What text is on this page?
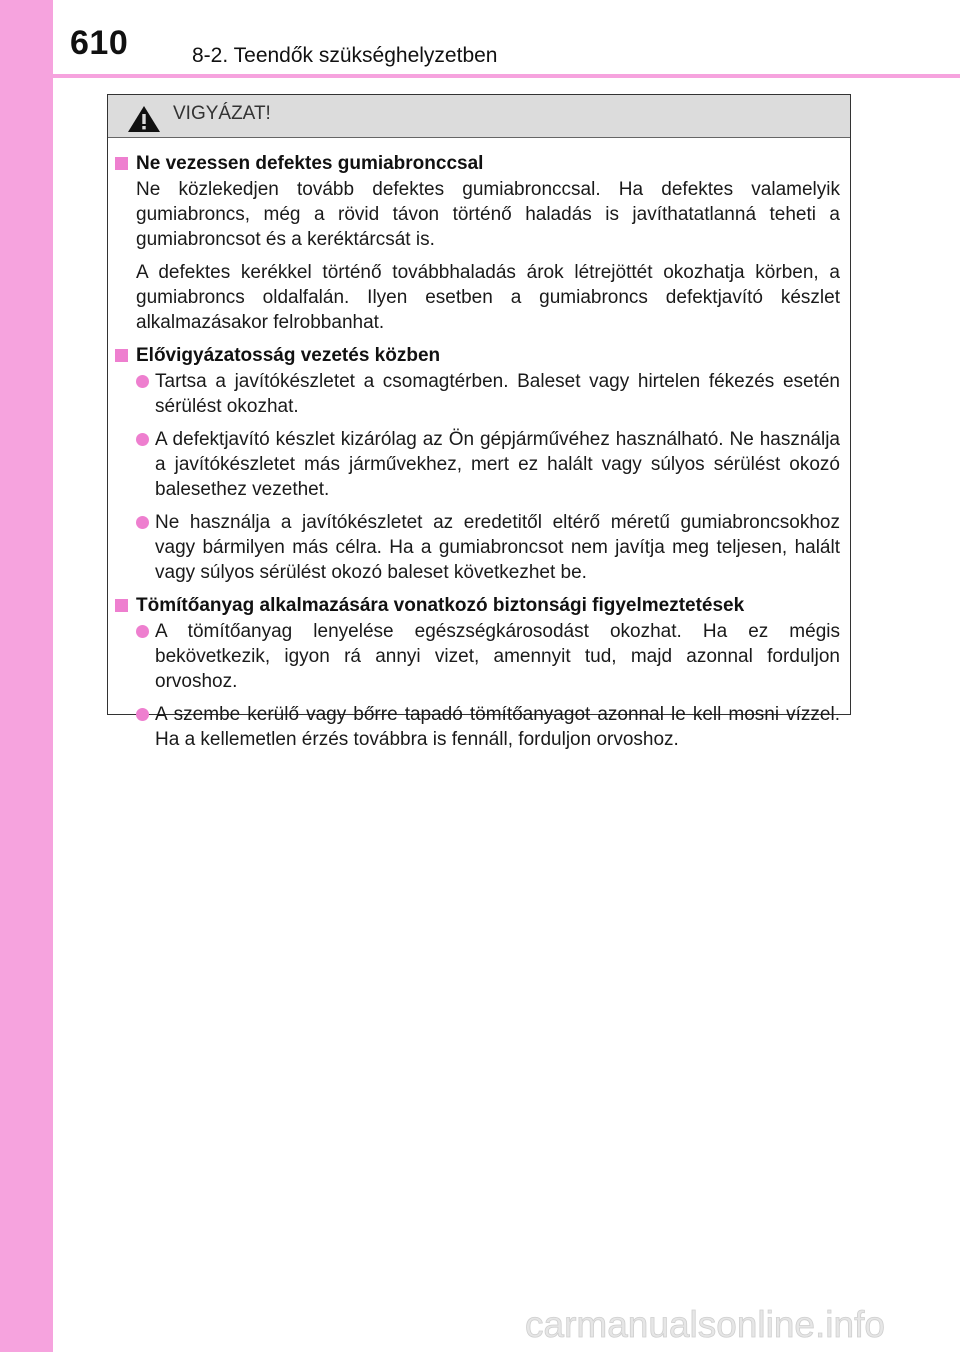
610	8-2. Teendők szükséghelyzetben
VIGYÁZAT!
Ne vezessen defektes gumiabronccsal

Ne közlekedjen tovább defektes gumiabronccsal. Ha defektes valamelyik gumiabroncs, még a rövid távon történő haladás is javíthatatlanná teheti a gumiabroncsot és a keréktárcsát is.

A defektes kerékkel történő továbbhaladás árok létrejöttét okozhatja körben, a gumiabroncs oldalfalán. Ilyen esetben a gumiabroncs defektjavító készlet alkalmazásakor felrobbanhat.

Elővigyázatosság vezetés közben

Tartsa a javítókészletet a csomagtérben. Baleset vagy hirtelen fékezés esetén sérülést okozhat.

A defektjavító készlet kizárólag az Ön gépjárművéhez használható. Ne használja a javítókészletet más járművekhez, mert ez halált vagy súlyos sérülést okozó balesethez vezethet.

Ne használja a javítókészletet az eredetitől eltérő méretű gumiabroncsokhoz vagy bármilyen más célra. Ha a gumiabroncsot nem javítja meg teljesen, halált vagy súlyos sérülést okozó baleset következhet be.

Tömítőanyag alkalmazására vonatkozó biztonsági figyelmeztetések

A tömítőanyag lenyelése egészségkárosodást okozhat. Ha ez mégis bekövetkezik, igyon rá annyi vizet, amennyit tud, majd azonnal forduljon orvoshoz.

A szembe kerülő vagy bőrre tapadó tömítőanyagot azonnal le kell mosni vízzel. Ha a kellemetlen érzés továbbra is fennáll, forduljon orvoshoz.

carmanualsonline.info
